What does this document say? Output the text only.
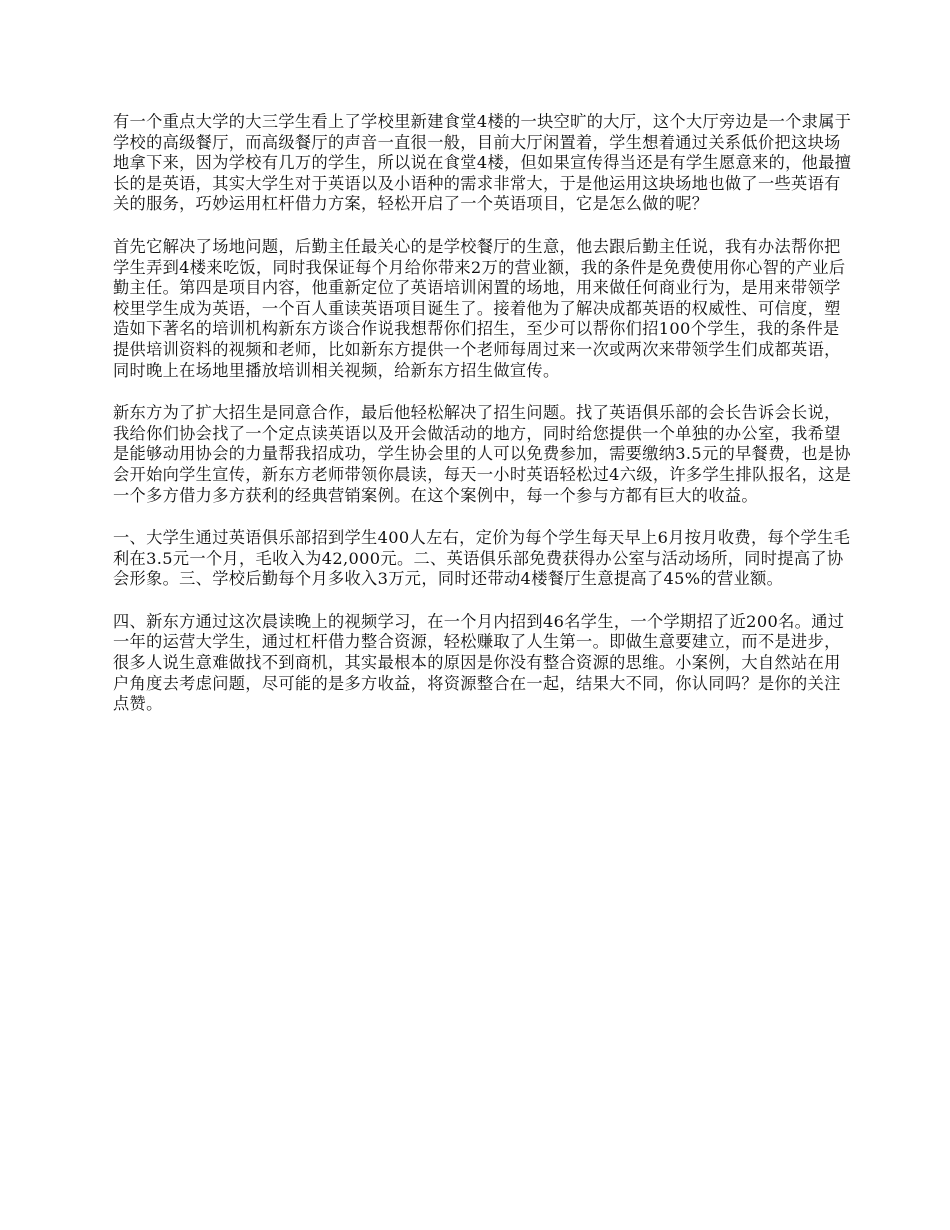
有一个重点大学的大三学生看上了学校里新建食堂4楼的一块空旷的大厅，这个大厅旁边是一个隶属于学校的高级餐厅，而高级餐厅的声音一直很一般，目前大厅闲置着，学生想着通过关系低价把这块场地拿下来，因为学校有几万的学生，所以说在食堂4楼，但如果宣传得当还是有学生愿意来的，他最擅长的是英语，其实大学生对于英语以及小语种的需求非常大，于是他运用这块场地也做了一些英语有关的服务，巧妙运用杠杆借力方案，轻松开启了一个英语项目，它是怎么做的呢？

首先它解决了场地问题，后勤主任最关心的是学校餐厅的生意，他去跟后勤主任说，我有办法帮你把学生弄到4楼来吃饭，同时我保证每个月给你带来2万的营业额，我的条件是免费使用你心智的产业后勤主任。第四是项目内容，他重新定位了英语培训闲置的场地，用来做任何商业行为，是用来带领学校里学生成为英语，一个百人重读英语项目诞生了。接着他为了解决成都英语的权威性、可信度，塑造如下著名的培训机构新东方谈合作说我想帮你们招生，至少可以帮你们招100个学生，我的条件是提供培训资料的视频和老师，比如新东方提供一个老师每周过来一次或两次来带领学生们成都英语，同时晚上在场地里播放培训相关视频，给新东方招生做宣传。

新东方为了扩大招生是同意合作，最后他轻松解决了招生问题。找了英语俱乐部的会长告诉会长说，我给你们协会找了一个定点读英语以及开会做活动的地方，同时给您提供一个单独的办公室，我希望是能够动用协会的力量帮我招成功，学生协会里的人可以免费参加，需要缴纳3.5元的早餐费，也是协会开始向学生宣传，新东方老师带领你晨读，每天一小时英语轻松过4六级，许多学生排队报名，这是一个多方借力多方获利的经典营销案例。在这个案例中，每一个参与方都有巨大的收益。

一、大学生通过英语俱乐部招到学生400人左右，定价为每个学生每天早上6月按月收费，每个学生毛利在3.5元一个月，毛收入为42,000元。二、英语俱乐部免费获得办公室与活动场所，同时提高了协会形象。三、学校后勤每个月多收入3万元，同时还带动4楼餐厅生意提高了45%的营业额。

四、新东方通过这次晨读晚上的视频学习，在一个月内招到46名学生，一个学期招了近200名。通过一年的运营大学生，通过杠杆借力整合资源，轻松赚取了人生第一。即做生意要建立，而不是进步，很多人说生意难做找不到商机，其实最根本的原因是你没有整合资源的思维。小案例，大自然站在用户角度去考虑问题，尽可能的是多方收益，将资源整合在一起，结果大不同，你认同吗？是你的关注点赞。
